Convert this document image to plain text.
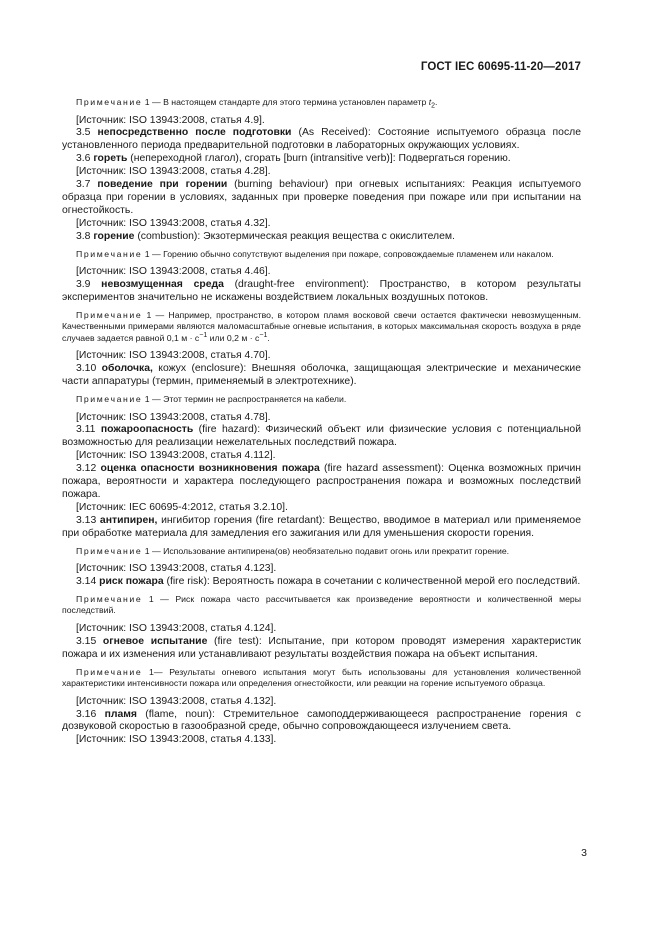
ГОСТ IEC 60695-11-20—2017

Примечание 1 — В настоящем стандарте для этого термина установлен параметр $t_2$.

[Источник: ISO 13943:2008, статья 4.9].

3.5 непосредственно после подготовки (As Received): Состояние испытуемого образца после установленного периода предварительной подготовки в лабораторных окружающих условиях.

3.6 гореть (непереходной глагол), сгорать [burn (intransitive verb)]: Подвергаться горению.

[Источник: ISO 13943:2008, статья 4.28].

3.7 поведение при горении (burning behaviour) при огневых испытаниях: Реакция испытуемого образца при горении в условиях, заданных при проверке поведения при пожаре или при испытании на огнестойкость.

[Источник: ISO 13943:2008, статья 4.32].

3.8 горение (combustion): Экзотермическая реакция вещества с окислителем.

Примечание 1 — Горению обычно сопутствуют выделения при пожаре, сопровождаемые пламенем или накалом.

[Источник: ISO 13943:2008, статья 4.46].

3.9 невозмущенная среда (draught-free environment): Пространство, в котором результаты экспериментов значительно не искажены воздействием локальных воздушных потоков.

Примечание 1 — Например, пространство, в котором пламя восковой свечи остается фактически невозмущенным. Качественными примерами являются маломасштабные огневые испытания, в которых максимальная скорость воздуха в ряде случаев задается равной 0,1 $м \cdot с^{-1}$ или 0,2 $м \cdot с^{-1}$.

[Источник: ISO 13943:2008, статья 4.70].

3.10 оболочка, кожух (enclosure): Внешняя оболочка, защищающая электрические и механические части аппаратуры (термин, применяемый в электротехнике).

Примечание 1 — Этот термин не распространяется на кабели.

[Источник: ISO 13943:2008, статья 4.78].

3.11 пожароопасность (fire hazard): Физический объект или физические условия с потенциальной возможностью для реализации нежелательных последствий пожара.

[Источник: ISO 13943:2008, статья 4.112].

3.12 оценка опасности возникновения пожара (fire hazard assessment): Оценка возможных причин пожара, вероятности и характера последующего распространения пожара и возможных последствий пожара.

[Источник: IEC 60695-4:2012, статья 3.2.10].

3.13 антипирен, ингибитор горения (fire retardant): Вещество, вводимое в материал или применяемое при обработке материала для замедления его зажигания или для уменьшения скорости горения.

Примечание 1 — Использование антипирена(ов) необязательно подавит огонь или прекратит горение.

[Источник: ISO 13943:2008, статья 4.123].

3.14 риск пожара (fire risk): Вероятность пожара в сочетании с количественной мерой его последствий.

Примечание 1 — Риск пожара часто рассчитывается как произведение вероятности и количественной меры последствий.

[Источник: ISO 13943:2008, статья 4.124].

3.15 огневое испытание (fire test): Испытание, при котором проводят измерения характеристик пожара и их изменения или устанавливают результаты воздействия пожара на объект испытания.

Примечание 1— Результаты огневого испытания могут быть использованы для установления количественной характеристики интенсивности пожара или определения огнестойкости, или реакции на горение испытуемого образца.

[Источник: ISO 13943:2008, статья 4.132].

3.16 пламя (flame, noun): Стремительное самоподдерживающееся распространение горения с дозвуковой скоростью в газообразной среде, обычно сопровождающееся излучением света.

[Источник: ISO 13943:2008, статья 4.133].

3
